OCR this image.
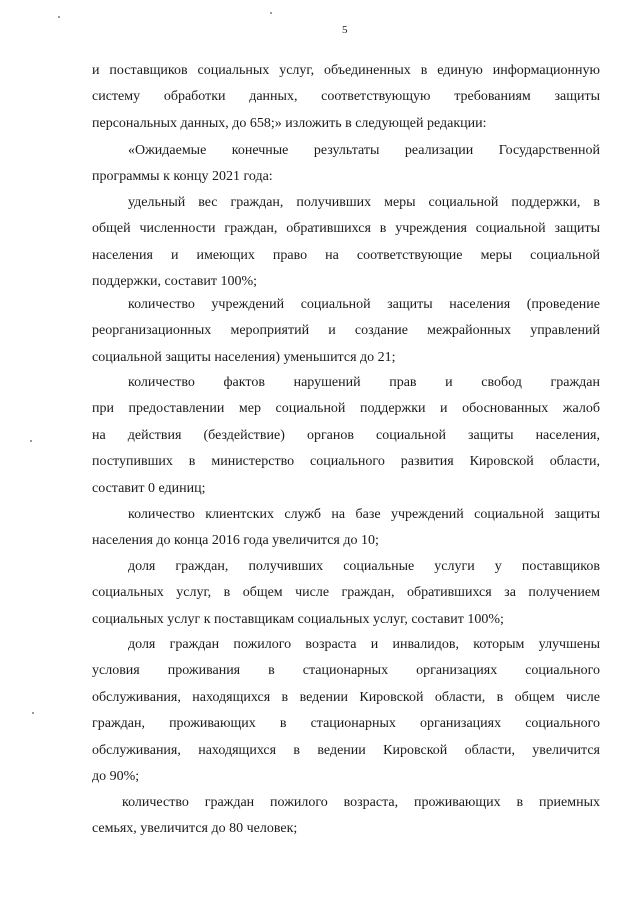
5
и поставщиков социальных услуг, объединенных в единую информационную
систему обработки данных, соответствующую требованиям защиты
персональных данных, до 658;» изложить в следующей редакции:
«Ожидаемые конечные результаты реализации Государственной
программы к концу 2021 года:
удельный вес граждан, получивших меры социальной поддержки, в
общей численности граждан, обратившихся в учреждения социальной защиты
населения и имеющих право на соответствующие меры социальной
поддержки, составит 100%;
количество учреждений социальной защиты населения (проведение
реорганизационных мероприятий и создание межрайонных управлений
социальной защиты населения) уменьшится до 21;
количество фактов нарушений прав и свобод граждан
при предоставлении мер социальной поддержки и обоснованных жалоб
на действия (бездействие) органов социальной защиты населения,
поступивших в министерство социального развития Кировской области,
составит 0 единиц;
количество клиентских служб на базе учреждений социальной защиты
населения до конца 2016 года увеличится до 10;
доля граждан, получивших социальные услуги у поставщиков
социальных услуг, в общем числе граждан, обратившихся за получением
социальных услуг к поставщикам социальных услуг, составит 100%;
доля граждан пожилого возраста и инвалидов, которым улучшены
условия проживания в стационарных организациях социального
обслуживания, находящихся в ведении Кировской области, в общем числе
граждан, проживающих в стационарных организациях социального
обслуживания, находящихся в ведении Кировской области, увеличится
до 90%;
количество граждан пожилого возраста, проживающих в приемных
семьях, увеличится до 80 человек;
